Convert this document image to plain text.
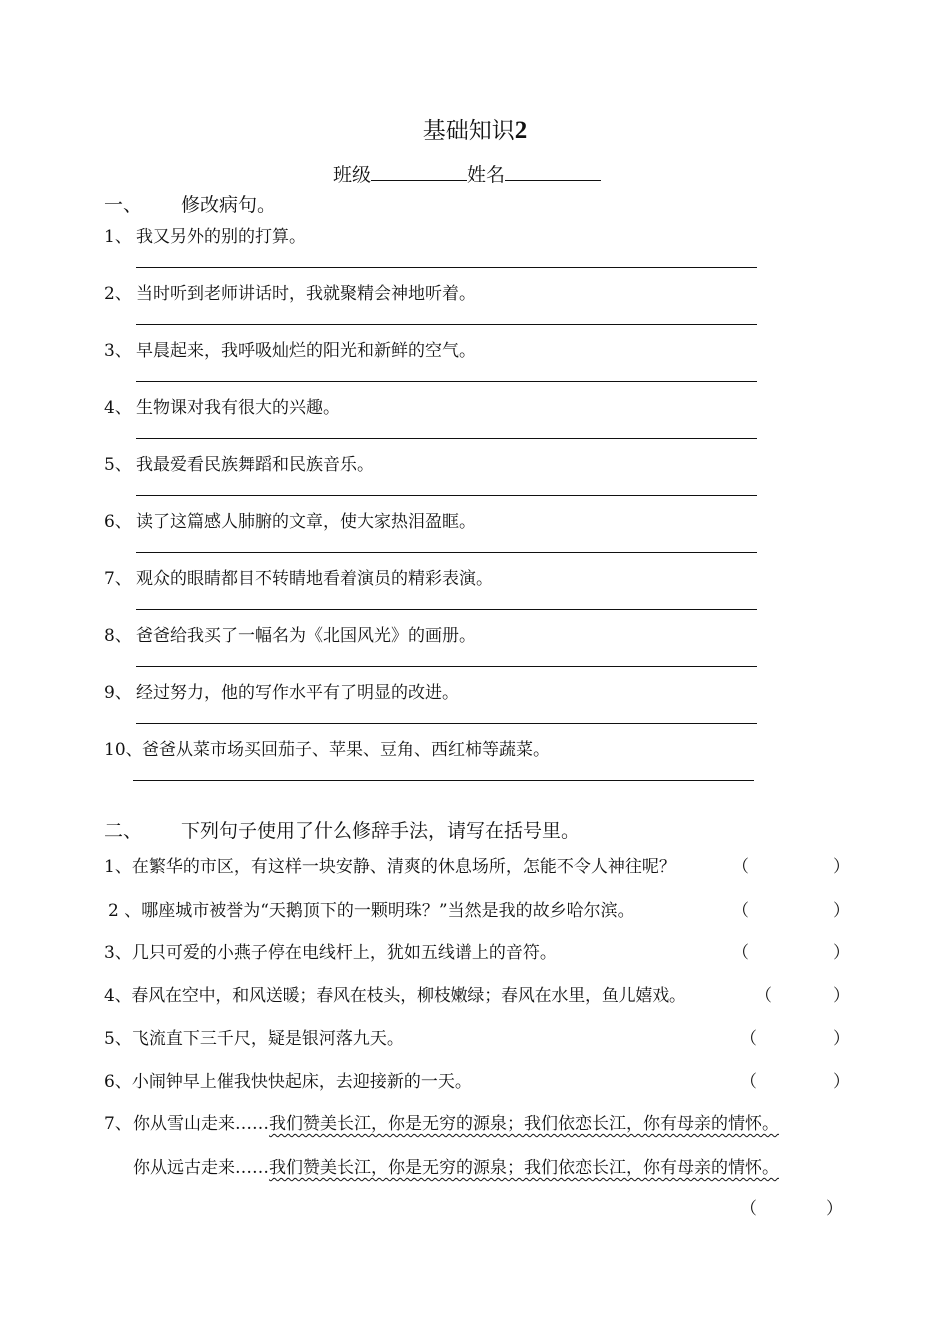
基础知识2
班级	姓名
一、 修改病句。
1、 我又另外的别的打算。
2、 当时听到老师讲话时，我就聚精会神地听着。
3、 早晨起来，我呼吸灿烂的阳光和新鲜的空气。
4、 生物课对我有很大的兴趣。
5、 我最爱看民族舞蹈和民族音乐。
6、 读了这篇感人肺腑的文章，使大家热泪盈眶。
7、 观众的眼睛都目不转睛地看着演员的精彩表演。
8、 爸爸给我买了一幅名为《北国风光》的画册。
9、 经过努力，他的写作水平有了明显的改进。
10、 爸爸从菜市场买回茄子、苹果、豆角、西红柿等蔬菜。
二、 下列句子使用了什么修辞手法，请写在括号里。
1、在繁华的市区，有这样一块安静、清爽的休息场所，怎能不令人神往呢？	（	）
2 、哪座城市被誉为“天鹅顶下的一颗明珠？”当然是我的故乡哈尔滨。	（	）
3、几只可爱的小燕子停在电线杆上，犹如五线谱上的音符。	（	）
4、春风在空中，和风送暖；春风在枝头，柳枝嫩绿；春风在水里，鱼儿嬉戏。	（	）
5、飞流直下三千尺，疑是银河落九天。	（	）
6、小闹钟早上催我快快起床，去迎接新的一天。	（	）
7、 你从雪山走来……我们赞美长江，你是无穷的源泉；我们依恋长江，你有母亲的情怀。
你从远古走来……我们赞美长江，你是无穷的源泉；我们依恋长江，你有母亲的情怀。
（	）
